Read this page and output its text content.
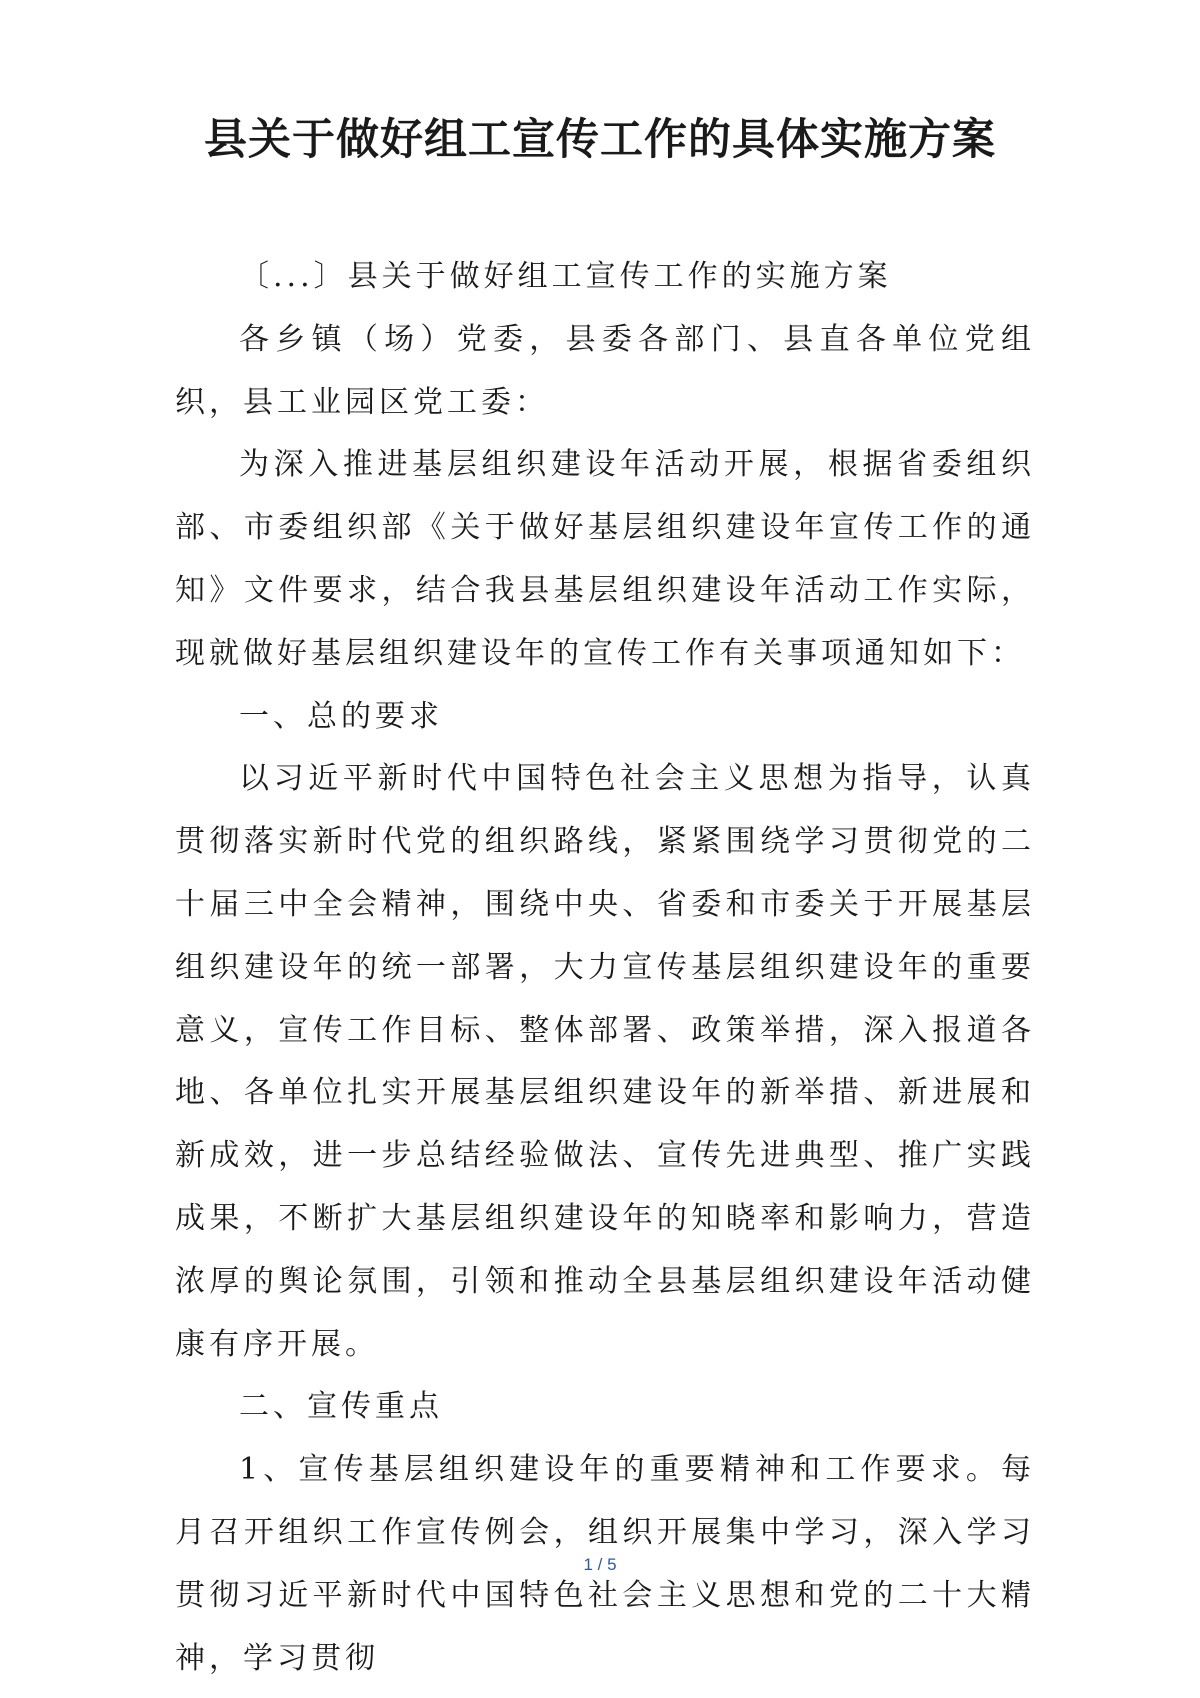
县关于做好组工宣传工作的具体实施方案

〔...〕县关于做好组工宣传工作的实施方案

各乡镇（场）党委，县委各部门、县直各单位党组织，县工业园区党工委：

为深入推进基层组织建设年活动开展，根据省委组织部、市委组织部《关于做好基层组织建设年宣传工作的通知》文件要求，结合我县基层组织建设年活动工作实际，现就做好基层组织建设年的宣传工作有关事项通知如下：

一、总的要求

以习近平新时代中国特色社会主义思想为指导，认真贯彻落实新时代党的组织路线，紧紧围绕学习贯彻党的二十届三中全会精神，围绕中央、省委和市委关于开展基层组织建设年的统一部署，大力宣传基层组织建设年的重要意义，宣传工作目标、整体部署、政策举措，深入报道各地、各单位扎实开展基层组织建设年的新举措、新进展和新成效，进一步总结经验做法、宣传先进典型、推广实践成果，不断扩大基层组织建设年的知晓率和影响力，营造浓厚的舆论氛围，引领和推动全县基层组织建设年活动健康有序开展。

二、宣传重点

1、宣传基层组织建设年的重要精神和工作要求。每月召开组织工作宣传例会，组织开展集中学习，深入学习贯彻习近平新时代中国特色社会主义思想和党的二十大精神，学习贯彻

1 / 5
